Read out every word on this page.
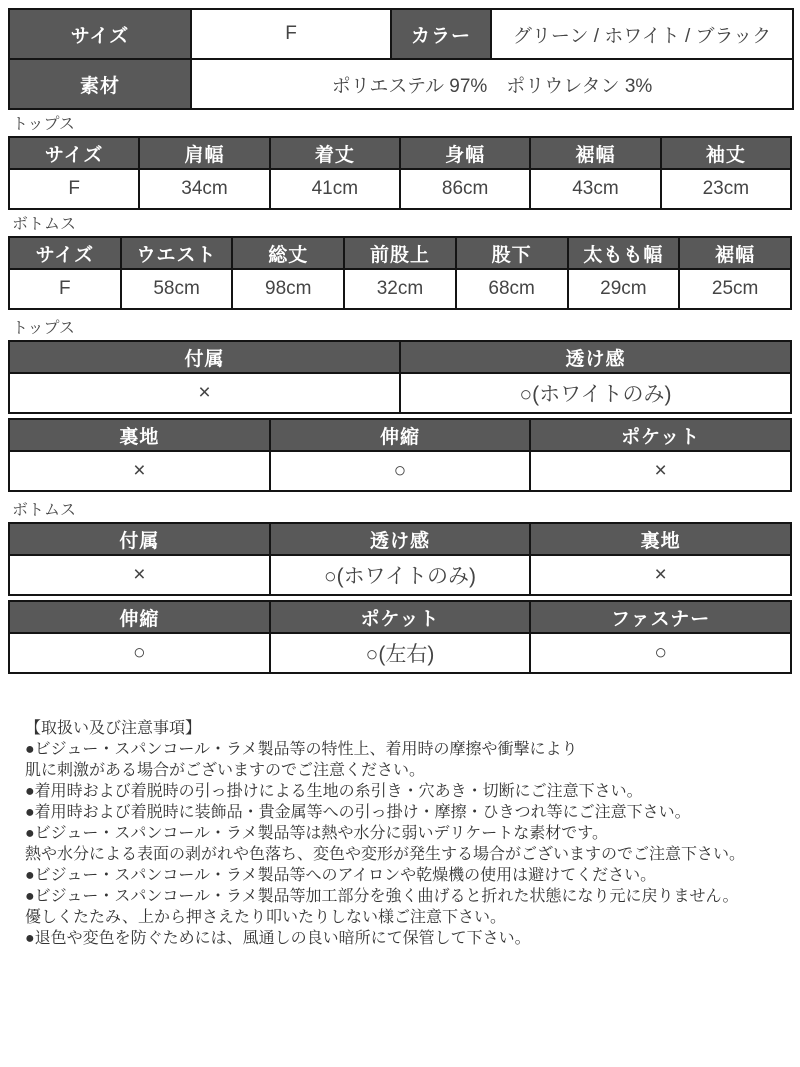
サイズ	F	カラー	グリーン / ホワイト / ブラック
素材	ポリエステル 97%　ポリウレタン 3%		
トップス
サイズ	肩幅	着丈	身幅	裾幅	袖丈
F	34cm	41cm	86cm	43cm	23cm
ボトムス
サイズ	ウエスト	総丈	前股上	股下	太もも幅	裾幅
F	58cm	98cm	32cm	68cm	29cm	25cm
トップス
付属	透け感
×	○(ホワイトのみ)
裏地	伸縮	ポケット
×	○	×
ボトムス
付属	透け感	裏地
×	○(ホワイトのみ)	×
伸縮	ポケット	ファスナー
○	○(左右)	○
【取扱い及び注意事項】
●ビジュー・スパンコール・ラメ製品等の特性上、着用時の摩擦や衝撃により
肌に刺激がある場合がございますのでご注意ください。
●着用時および着脱時の引っ掛けによる生地の糸引き・穴あき・切断にご注意下さい。
●着用時および着脱時に装飾品・貴金属等への引っ掛け・摩擦・ひきつれ等にご注意下さい。
●ビジュー・スパンコール・ラメ製品等は熱や水分に弱いデリケートな素材です。
熱や水分による表面の剥がれや色落ち、変色や変形が発生する場合がございますのでご注意下さい。
●ビジュー・スパンコール・ラメ製品等へのアイロンや乾燥機の使用は避けてください。
●ビジュー・スパンコール・ラメ製品等加工部分を強く曲げると折れた状態になり元に戻りません。
優しくたたみ、上から押さえたり叩いたりしない様ご注意下さい。
●退色や変色を防ぐためには、風通しの良い暗所にて保管して下さい。
